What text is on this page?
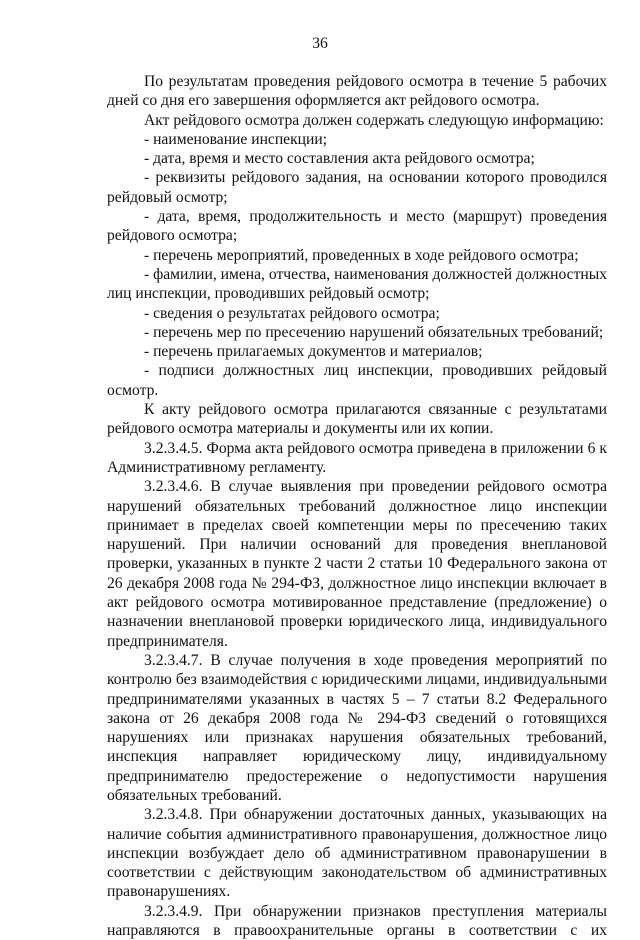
36

По результатам проведения рейдового осмотра в течение 5 рабочих дней со дня его завершения оформляется акт рейдового осмотра.

Акт рейдового осмотра должен содержать следующую информацию:

- наименование инспекции;

- дата, время и место составления акта рейдового осмотра;

- реквизиты рейдового задания, на основании которого проводился рейдовый осмотр;

- дата, время, продолжительность и место (маршрут) проведения рейдового осмотра;

- перечень мероприятий, проведенных в ходе рейдового осмотра;

- фамилии, имена, отчества, наименования должностей должностных лиц инспекции, проводивших рейдовый осмотр;

- сведения о результатах рейдового осмотра;

- перечень мер по пресечению нарушений обязательных требований;

- перечень прилагаемых документов и материалов;

- подписи должностных лиц инспекции, проводивших рейдовый осмотр.

К акту рейдового осмотра прилагаются связанные с результатами рейдового осмотра материалы и документы или их копии.

3.2.3.4.5. Форма акта рейдового осмотра приведена в приложении 6 к Административному регламенту.

3.2.3.4.6. В случае выявления при проведении рейдового осмотра нарушений обязательных требований должностное лицо инспекции принимает в пределах своей компетенции меры по пресечению таких нарушений. При наличии оснований для проведения внеплановой проверки, указанных в пункте 2 части 2 статьи 10 Федерального закона от 26 декабря 2008 года № 294-ФЗ, должностное лицо инспекции включает в акт рейдового осмотра мотивированное представление (предложение) о назначении внеплановой проверки юридического лица, индивидуального предпринимателя.

3.2.3.4.7. В случае получения в ходе проведения мероприятий по контролю без взаимодействия с юридическими лицами, индивидуальными предпринимателями указанных в частях 5 – 7 статьи 8.2 Федерального закона от 26 декабря 2008 года № 294-ФЗ сведений о готовящихся нарушениях или признаках нарушения обязательных требований, инспекция направляет юридическому лицу, индивидуальному предпринимателю предостережение о недопустимости нарушения обязательных требований.

3.2.3.4.8. При обнаружении достаточных данных, указывающих на наличие события административного правонарушения, должностное лицо инспекции возбуждает дело об административном правонарушении в соответствии с действующим законодательством об административных правонарушениях.

3.2.3.4.9. При обнаружении признаков преступления материалы направляются в правоохранительные органы в соответствии с их
